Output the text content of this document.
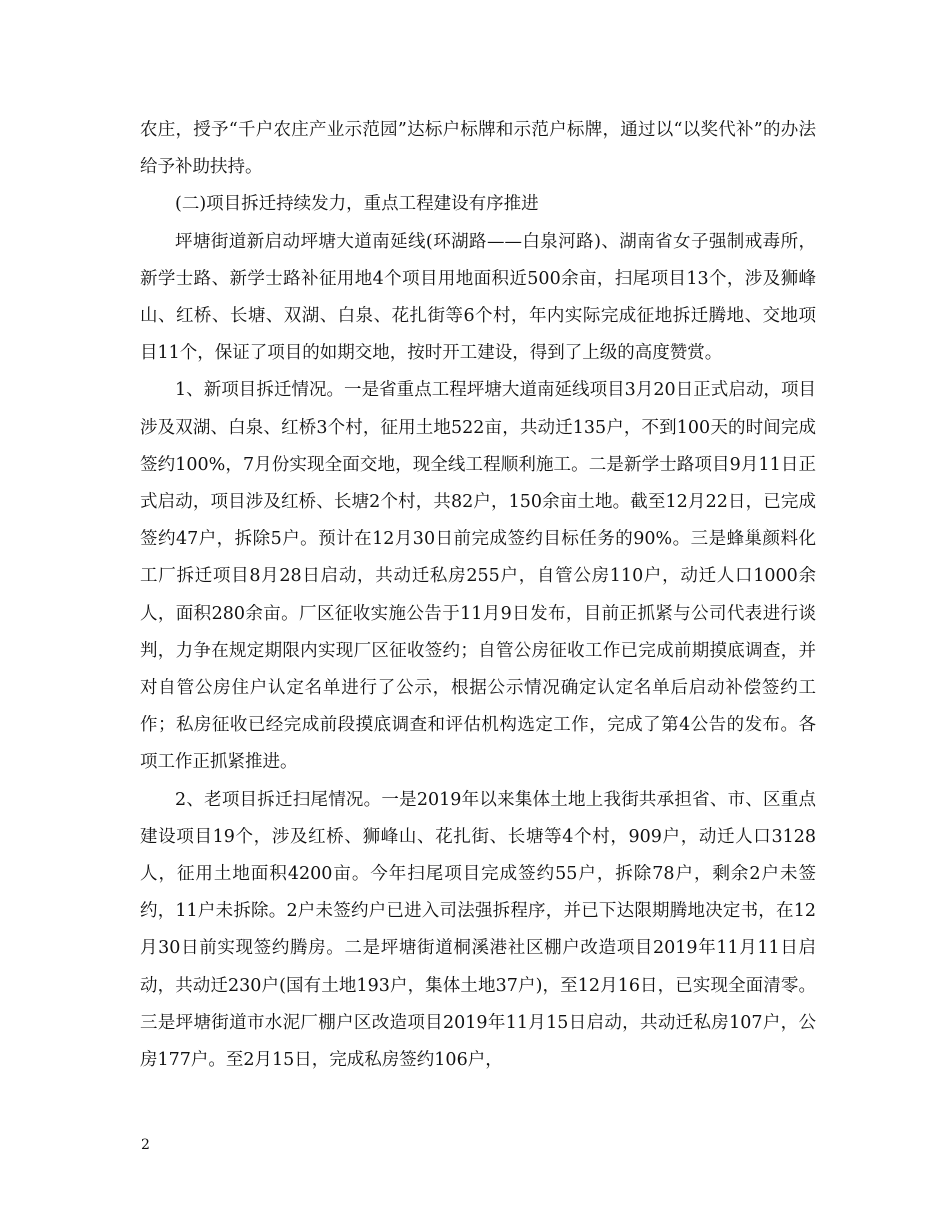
农庄，授予“千户农庄产业示范园”达标户标牌和示范户标牌，通过以“以奖代补”的办法给予补助扶持。

(二)项目拆迁持续发力，重点工程建设有序推进

坪塘街道新启动坪塘大道南延线(环湖路——白泉河路)、湖南省女子强制戒毒所，新学士路、新学士路补征用地4个项目用地面积近500余亩，扫尾项目13个，涉及狮峰山、红桥、长塘、双湖、白泉、花扎街等6个村，年内实际完成征地拆迁腾地、交地项目11个，保证了项目的如期交地，按时开工建设，得到了上级的高度赞赏。

1、新项目拆迁情况。一是省重点工程坪塘大道南延线项目3月20日正式启动，项目涉及双湖、白泉、红桥3个村，征用土地522亩，共动迁135户，不到100天的时间完成签约100%，7月份实现全面交地，现全线工程顺利施工。二是新学士路项目9月11日正式启动，项目涉及红桥、长塘2个村，共82户，150余亩土地。截至12月22日，已完成签约47户，拆除5户。预计在12月30日前完成签约目标任务的90%。三是蜂巢颜料化工厂拆迁项目8月28日启动，共动迁私房255户，自管公房110户，动迁人口1000余人，面积280余亩。厂区征收实施公告于11月9日发布，目前正抓紧与公司代表进行谈判，力争在规定期限内实现厂区征收签约；自管公房征收工作已完成前期摸底调查，并对自管公房住户认定名单进行了公示，根据公示情况确定认定名单后启动补偿签约工作；私房征收已经完成前段摸底调查和评估机构选定工作，完成了第4公告的发布。各项工作正抓紧推进。

2、老项目拆迁扫尾情况。一是2019年以来集体土地上我街共承担省、市、区重点建设项目19个，涉及红桥、狮峰山、花扎街、长塘等4个村，909户，动迁人口3128人，征用土地面积4200亩。今年扫尾项目完成签约55户，拆除78户，剩余2户未签约，11户未拆除。2户未签约户已进入司法强拆程序，并已下达限期腾地决定书，在12月30日前实现签约腾房。二是坪塘街道桐溪港社区棚户改造项目2019年11月11日启动，共动迁230户(国有土地193户，集体土地37户)，至12月16日，已实现全面清零。三是坪塘街道市水泥厂棚户区改造项目2019年11月15日启动，共动迁私房107户，公房177户。至2月15日，完成私房签约106户，

2
